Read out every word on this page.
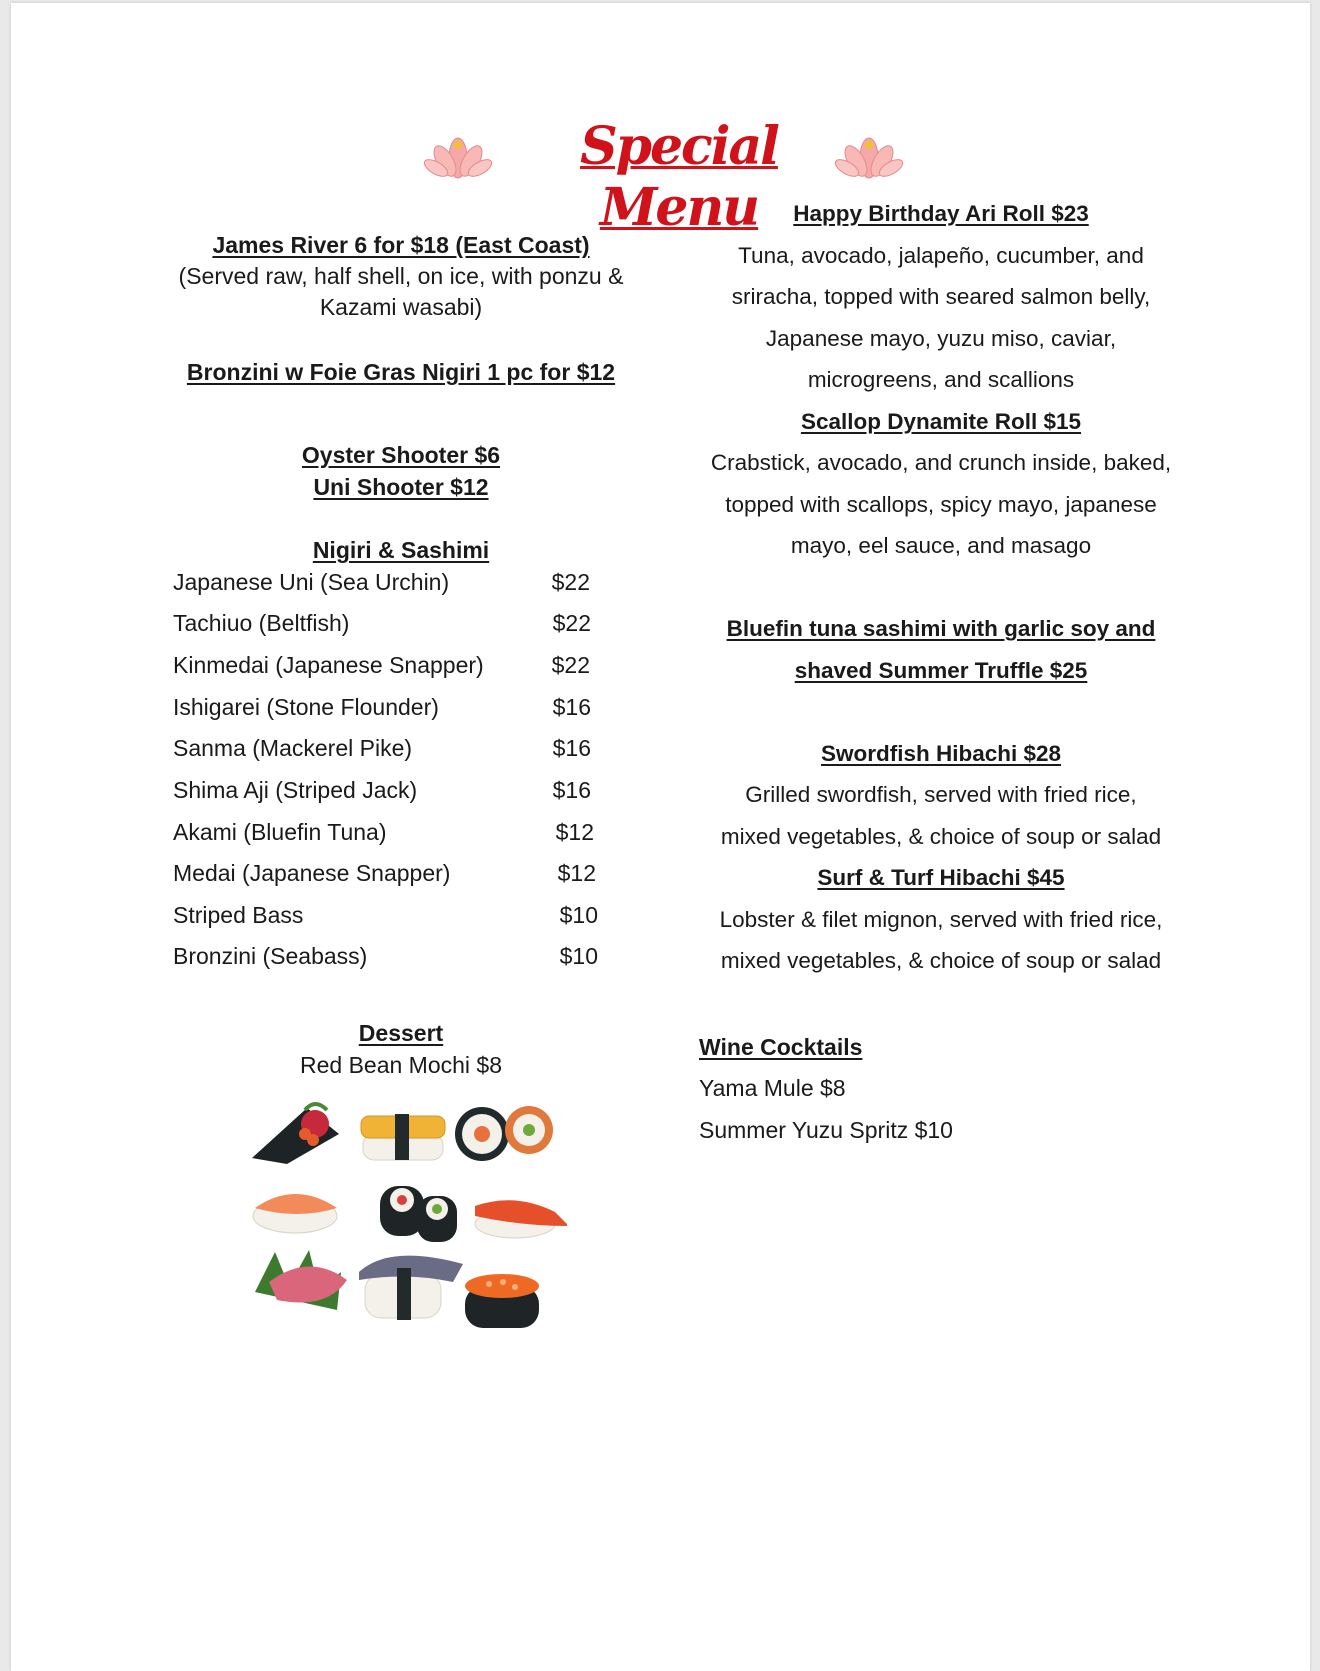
Special Menu
James River 6 for $18 (East Coast)
(Served raw, half shell, on ice, with ponzu &
Kazami wasabi)
Bronzini w Foie Gras Nigiri 1 pc for $12
Oyster Shooter $6
Uni Shooter $12
Nigiri & Sashimi
Japanese Uni (Sea Urchin)	$22
Tachiuo (Beltfish)	$22
Kinmedai (Japanese Snapper)	$22
Ishigarei (Stone Flounder)	$16
Sanma (Mackerel Pike)	$16
Shima Aji (Striped Jack)	$16
Akami (Bluefin Tuna)	$12
Medai (Japanese Snapper)	$12
Striped Bass	$10
Bronzini (Seabass)	$10
Dessert
Red Bean Mochi $8
Happy Birthday Ari Roll $23
Tuna, avocado, jalapeño, cucumber, and
sriracha, topped with seared salmon belly,
Japanese mayo, yuzu miso, caviar,
microgreens, and scallions
Scallop Dynamite Roll $15
Crabstick, avocado, and crunch inside, baked,
topped with scallops, spicy mayo, japanese
mayo, eel sauce, and masago
Bluefin tuna sashimi with garlic soy and
shaved Summer Truffle $25
Swordfish Hibachi $28
Grilled swordfish, served with fried rice,
mixed vegetables, & choice of soup or salad
Surf & Turf Hibachi $45
Lobster & filet mignon, served with fried rice,
mixed vegetables, & choice of soup or salad
Wine Cocktails
Yama Mule $8
Summer Yuzu Spritz $10
